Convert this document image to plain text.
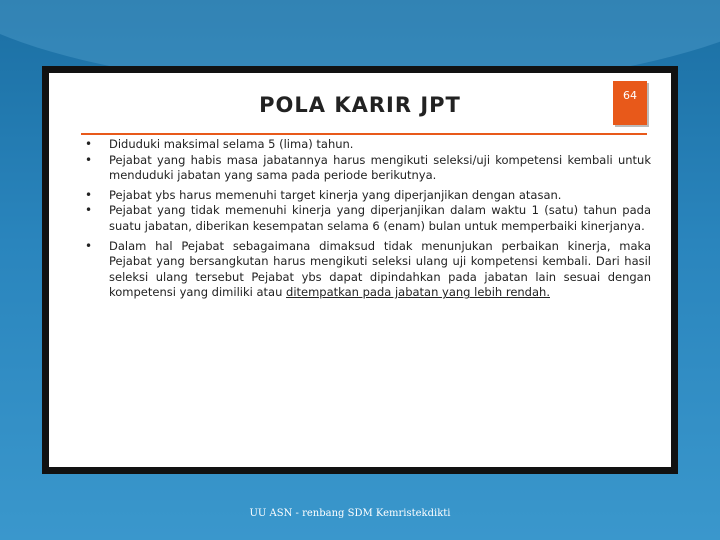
POLA KARIR JPT	64
• Diduduki maksimal selama 5 (lima) tahun.
• Pejabat yang habis masa jabatannya harus mengikuti seleksi/uji kompetensi kembali untuk menduduki jabatan yang sama pada periode berikutnya.
• Pejabat ybs harus memenuhi target kinerja yang diperjanjikan dengan atasan.
• Pejabat yang tidak memenuhi kinerja yang diperjanjikan dalam waktu 1 (satu) tahun pada suatu jabatan, diberikan kesempatan selama 6 (enam) bulan untuk memperbaiki kinerjanya.
• Dalam hal Pejabat sebagaimana dimaksud tidak menunjukan perbaikan kinerja, maka Pejabat yang bersangkutan harus mengikuti seleksi ulang uji kompetensi kembali. Dari hasil seleksi ulang tersebut Pejabat ybs dapat dipindahkan pada jabatan lain sesuai dengan kompetensi yang dimiliki atau ditempatkan pada jabatan yang lebih rendah.
UU ASN - renbang SDM Kemristekdikti
